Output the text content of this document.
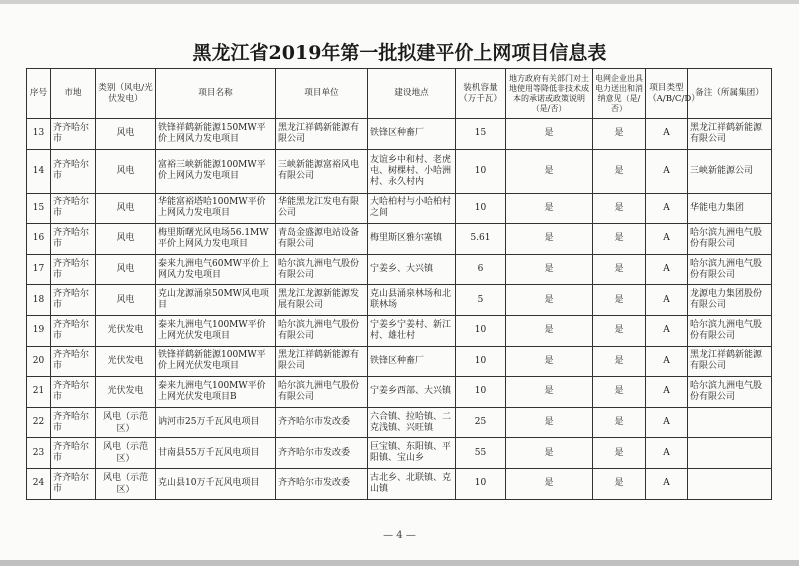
黑龙江省2019年第一批拟建平价上网项目信息表
序号	市地	类别（风电/光伏发电）	项目名称	项目单位	建设地点	装机容量（万千瓦）	地方政府有关部门对土地使用等降低非技术成本的承诺或政策说明（是/否）	电网企业出具电力送出和消纳意见（是/否）	项目类型（A/B/C/D）	备注（所属集团）
13	齐齐哈尔市	风电	铁锋祥鹤新能源150MW平价上网风力发电项目	黑龙江祥鹤新能源有限公司	铁锋区种畜厂	15	是	是	A	黑龙江祥鹤新能源有限公司
14	齐齐哈尔市	风电	富裕三峡新能源100MW平价上网风力发电项目	三峡新能源富裕风电有限公司	友谊乡中和村、老虎屯、树棵村、小哈洲村、永久村内	10	是	是	A	三峡新能源公司
15	齐齐哈尔市	风电	华能富裕塔哈100MW平价上网风力发电项目	华能黑龙江发电有限公司	大哈柏村与小哈柏村之间	10	是	是	A	华能电力集团
16	齐齐哈尔市	风电	梅里斯曙光风电场56.1MW平价上网风力发电项目	青岛金盛源电站设备有限公司	梅里斯区雅尔塞镇	5.61	是	是	A	哈尔滨九洲电气股份有限公司
17	齐齐哈尔市	风电	泰来九洲电气60MW平价上网风力发电项目	哈尔滨九洲电气股份有限公司	宁姜乡、大兴镇	6	是	是	A	哈尔滨九洲电气股份有限公司
18	齐齐哈尔市	风电	克山龙源涌泉50MW风电项目	黑龙江龙源新能源发展有限公司	克山县涌泉林场和北联林场	5	是	是	A	龙源电力集团股份有限公司
19	齐齐哈尔市	光伏发电	泰来九洲电气100MW平价上网光伏发电项目	哈尔滨九洲电气股份有限公司	宁姜乡宁姜村、新江村、雄壮村	10	是	是	A	哈尔滨九洲电气股份有限公司
20	齐齐哈尔市	光伏发电	铁锋祥鹤新能源100MW平价上网光伏发电项目	黑龙江祥鹤新能源有限公司	铁锋区种畜厂	10	是	是	A	黑龙江祥鹤新能源有限公司
21	齐齐哈尔市	光伏发电	泰来九洲电气100MW平价上网光伏发电项目B	哈尔滨九洲电气股份有限公司	宁姜乡西部、大兴镇	10	是	是	A	哈尔滨九洲电气股份有限公司
22	齐齐哈尔市	风电（示范区）	讷河市25万千瓦风电项目	齐齐哈尔市发改委	六合镇、拉哈镇、二克浅镇、兴旺镇	25	是	是	A	
23	齐齐哈尔市	风电（示范区）	甘南县55万千瓦风电项目	齐齐哈尔市发改委	巨宝镇、东阳镇、平阳镇、宝山乡	55	是	是	A	
24	齐齐哈尔市	风电（示范区）	克山县10万千瓦风电项目	齐齐哈尔市发改委	古北乡、北联镇、克山镇	10	是	是	A	
— 4 —
